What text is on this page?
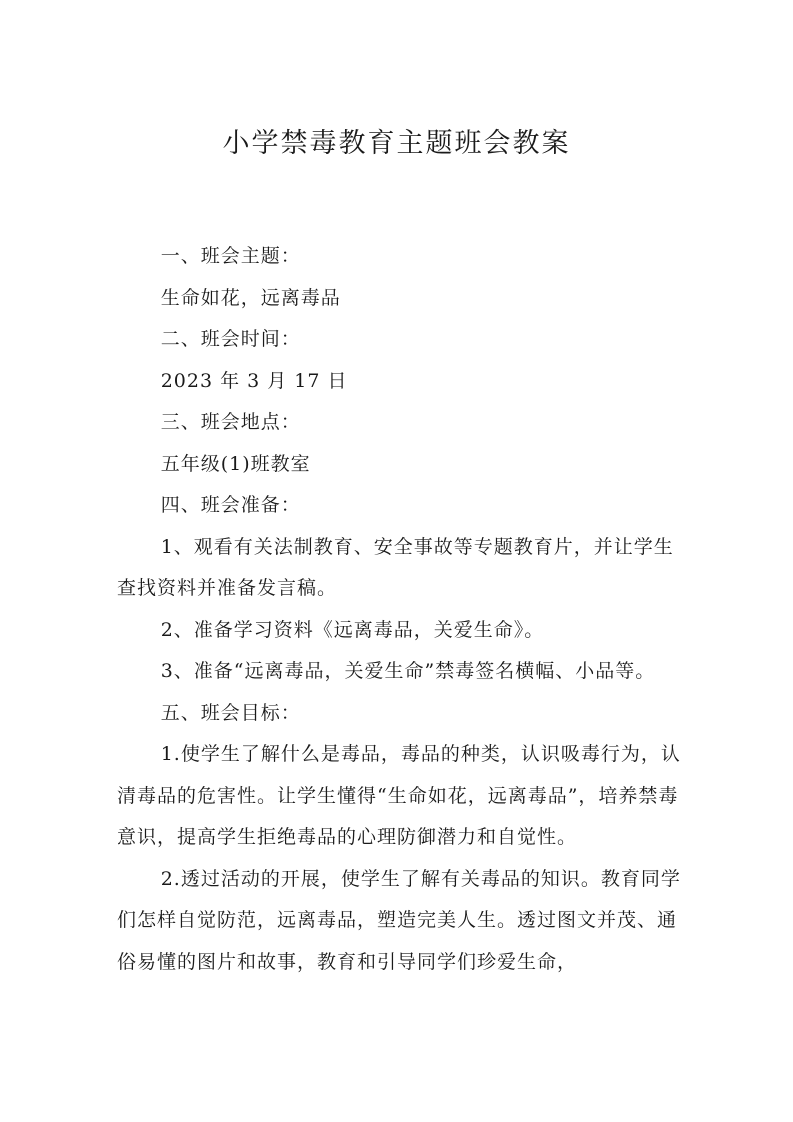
小学禁毒教育主题班会教案

一、班会主题：

生命如花，远离毒品

二、班会时间：

2023 年 3 月 17 日

三、班会地点：

五年级(1)班教室

四、班会准备：

1、观看有关法制教育、安全事故等专题教育片，并让学生查找资料并准备发言稿。

2、准备学习资料《远离毒品，关爱生命》。

3、准备“远离毒品，关爱生命”禁毒签名横幅、小品等。

五、班会目标：

1.使学生了解什么是毒品，毒品的种类，认识吸毒行为，认清毒品的危害性。让学生懂得“生命如花，远离毒品”，培养禁毒意识，提高学生拒绝毒品的心理防御潜力和自觉性。

2.透过活动的开展，使学生了解有关毒品的知识。教育同学们怎样自觉防范，远离毒品，塑造完美人生。透过图文并茂、通俗易懂的图片和故事，教育和引导同学们珍爱生命，
